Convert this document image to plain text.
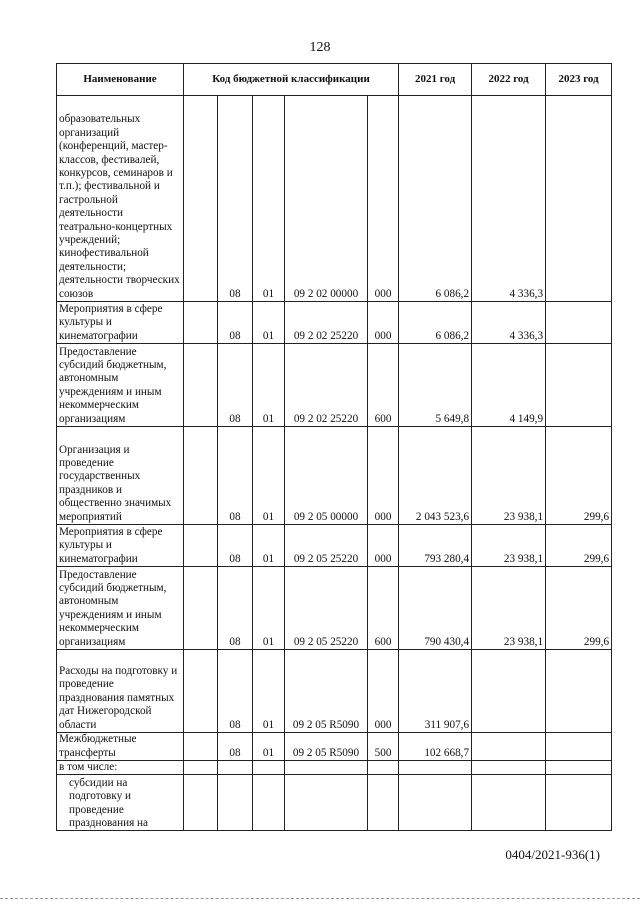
128
Наименование	Код бюджетной классификации					2021 год	2022 год	2023 год
образовательных организаций (конференций, мастер-классов, фестивалей, конкурсов, семинаров и т.п.); фестивальной и гастрольной деятельности театрально-концертных учреждений; кинофестивальной деятельности; деятельности творческих союзов		08	01	09 2 02 00000	000	6 086,2	4 336,3	
Мероприятия в сфере культуры и кинематографии		08	01	09 2 02 25220	000	6 086,2	4 336,3	
Предоставление субсидий бюджетным, автономным учреждениям и иным некоммерческим организациям		08	01	09 2 02 25220	600	5 649,8	4 149,9	
Организация и проведение государственных праздников и общественно значимых мероприятий		08	01	09 2 05 00000	000	2 043 523,6	23 938,1	299,6
Мероприятия в сфере культуры и кинематографии		08	01	09 2 05 25220	000	793 280,4	23 938,1	299,6
Предоставление субсидий бюджетным, автономным учреждениям и иным некоммерческим организациям		08	01	09 2 05 25220	600	790 430,4	23 938,1	299,6
Расходы на подготовку и проведение празднования памятных дат Нижегородской области		08	01	09 2 05 R5090	000	311 907,6		
Межбюджетные трансферты		08	01	09 2 05 R5090	500	102 668,7		
в том числе:								
субсидии на подготовку и проведение празднования на								
0404/2021-936(1)
